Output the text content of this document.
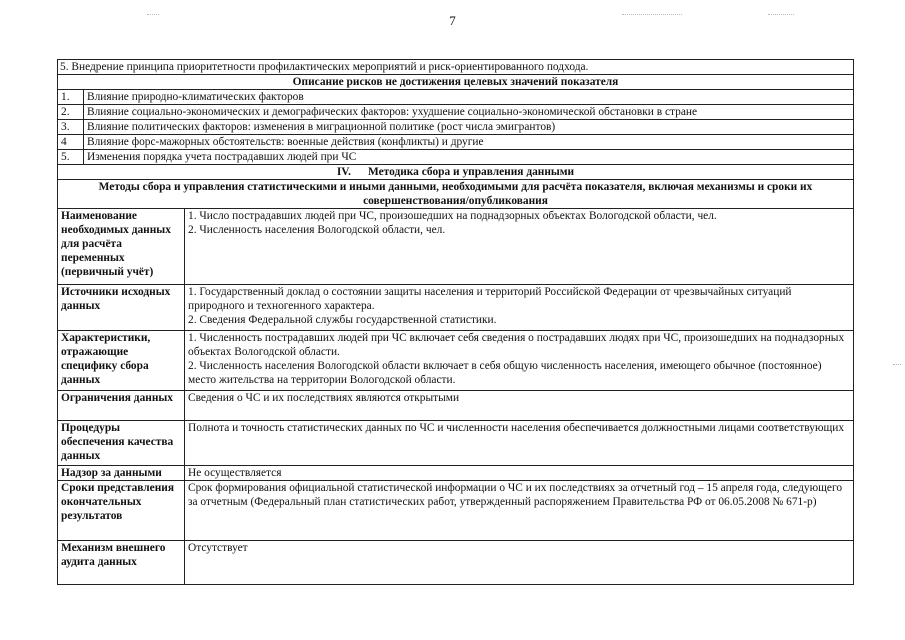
7
5. Внедрение принципа приоритетности профилактических мероприятий и риск-ориентированного подхода.		
Описание рисков не достижения целевых значений показателя		
1.	Влияние природно-климатических факторов	
2.	Влияние социально-экономических и демографических факторов: ухудшение социально-экономической обстановки в стране	
3.	Влияние политических факторов: изменения в миграционной политике (рост числа эмигрантов)	
4	Влияние форс-мажорных обстоятельств: военные действия (конфликты) и другие	
5.	Изменения порядка учета пострадавших людей при ЧС	
IV.      Методика сбора и управления данными		
Методы сбора и управления статистическими и иными данными, необходимыми для расчёта показателя, включая механизмы и сроки их совершенствования/опубликования		
Наименование необходимых данных для расчёта переменных (первичный учёт)		1. Число пострадавших людей при ЧС, произошедших на поднадзорных объектах Вологодской области, чел.
2. Численность населения Вологодской области, чел.

Источники исходных данных		1. Государственный доклад о состоянии защиты населения и территорий Российской Федерации от чрезвычайных ситуаций природного и техногенного характера.
2. Сведения Федеральной службы государственной статистики.

Характеристики, отражающие специфику сбора данных		1. Численность пострадавших людей при ЧС включает себя сведения о пострадавших людях при ЧС, произошедших на поднадзорных объектах Вологодской области.
2. Численность населения Вологодской области включает в себя общую численность населения, имеющего обычное (постоянное) место жительства на территории Вологодской области.

Ограничения данных		Сведения о ЧС и их последствиях являются открытыми
Процедуры обеспечения качества данных		Полнота и точность статистических данных по ЧС и численности населения обеспечивается должностными лицами соответствующих
Надзор за данными		Не осуществляется
Сроки представления окончательных результатов		Срок формирования официальной статистической информации о ЧС и их последствиях за отчетный год – 15 апреля года, следующего за отчетным (Федеральный план статистических работ, утвержденный распоряжением Правительства РФ от 06.05.2008 № 671-р)
Механизм внешнего аудита данных		Отсутствует
